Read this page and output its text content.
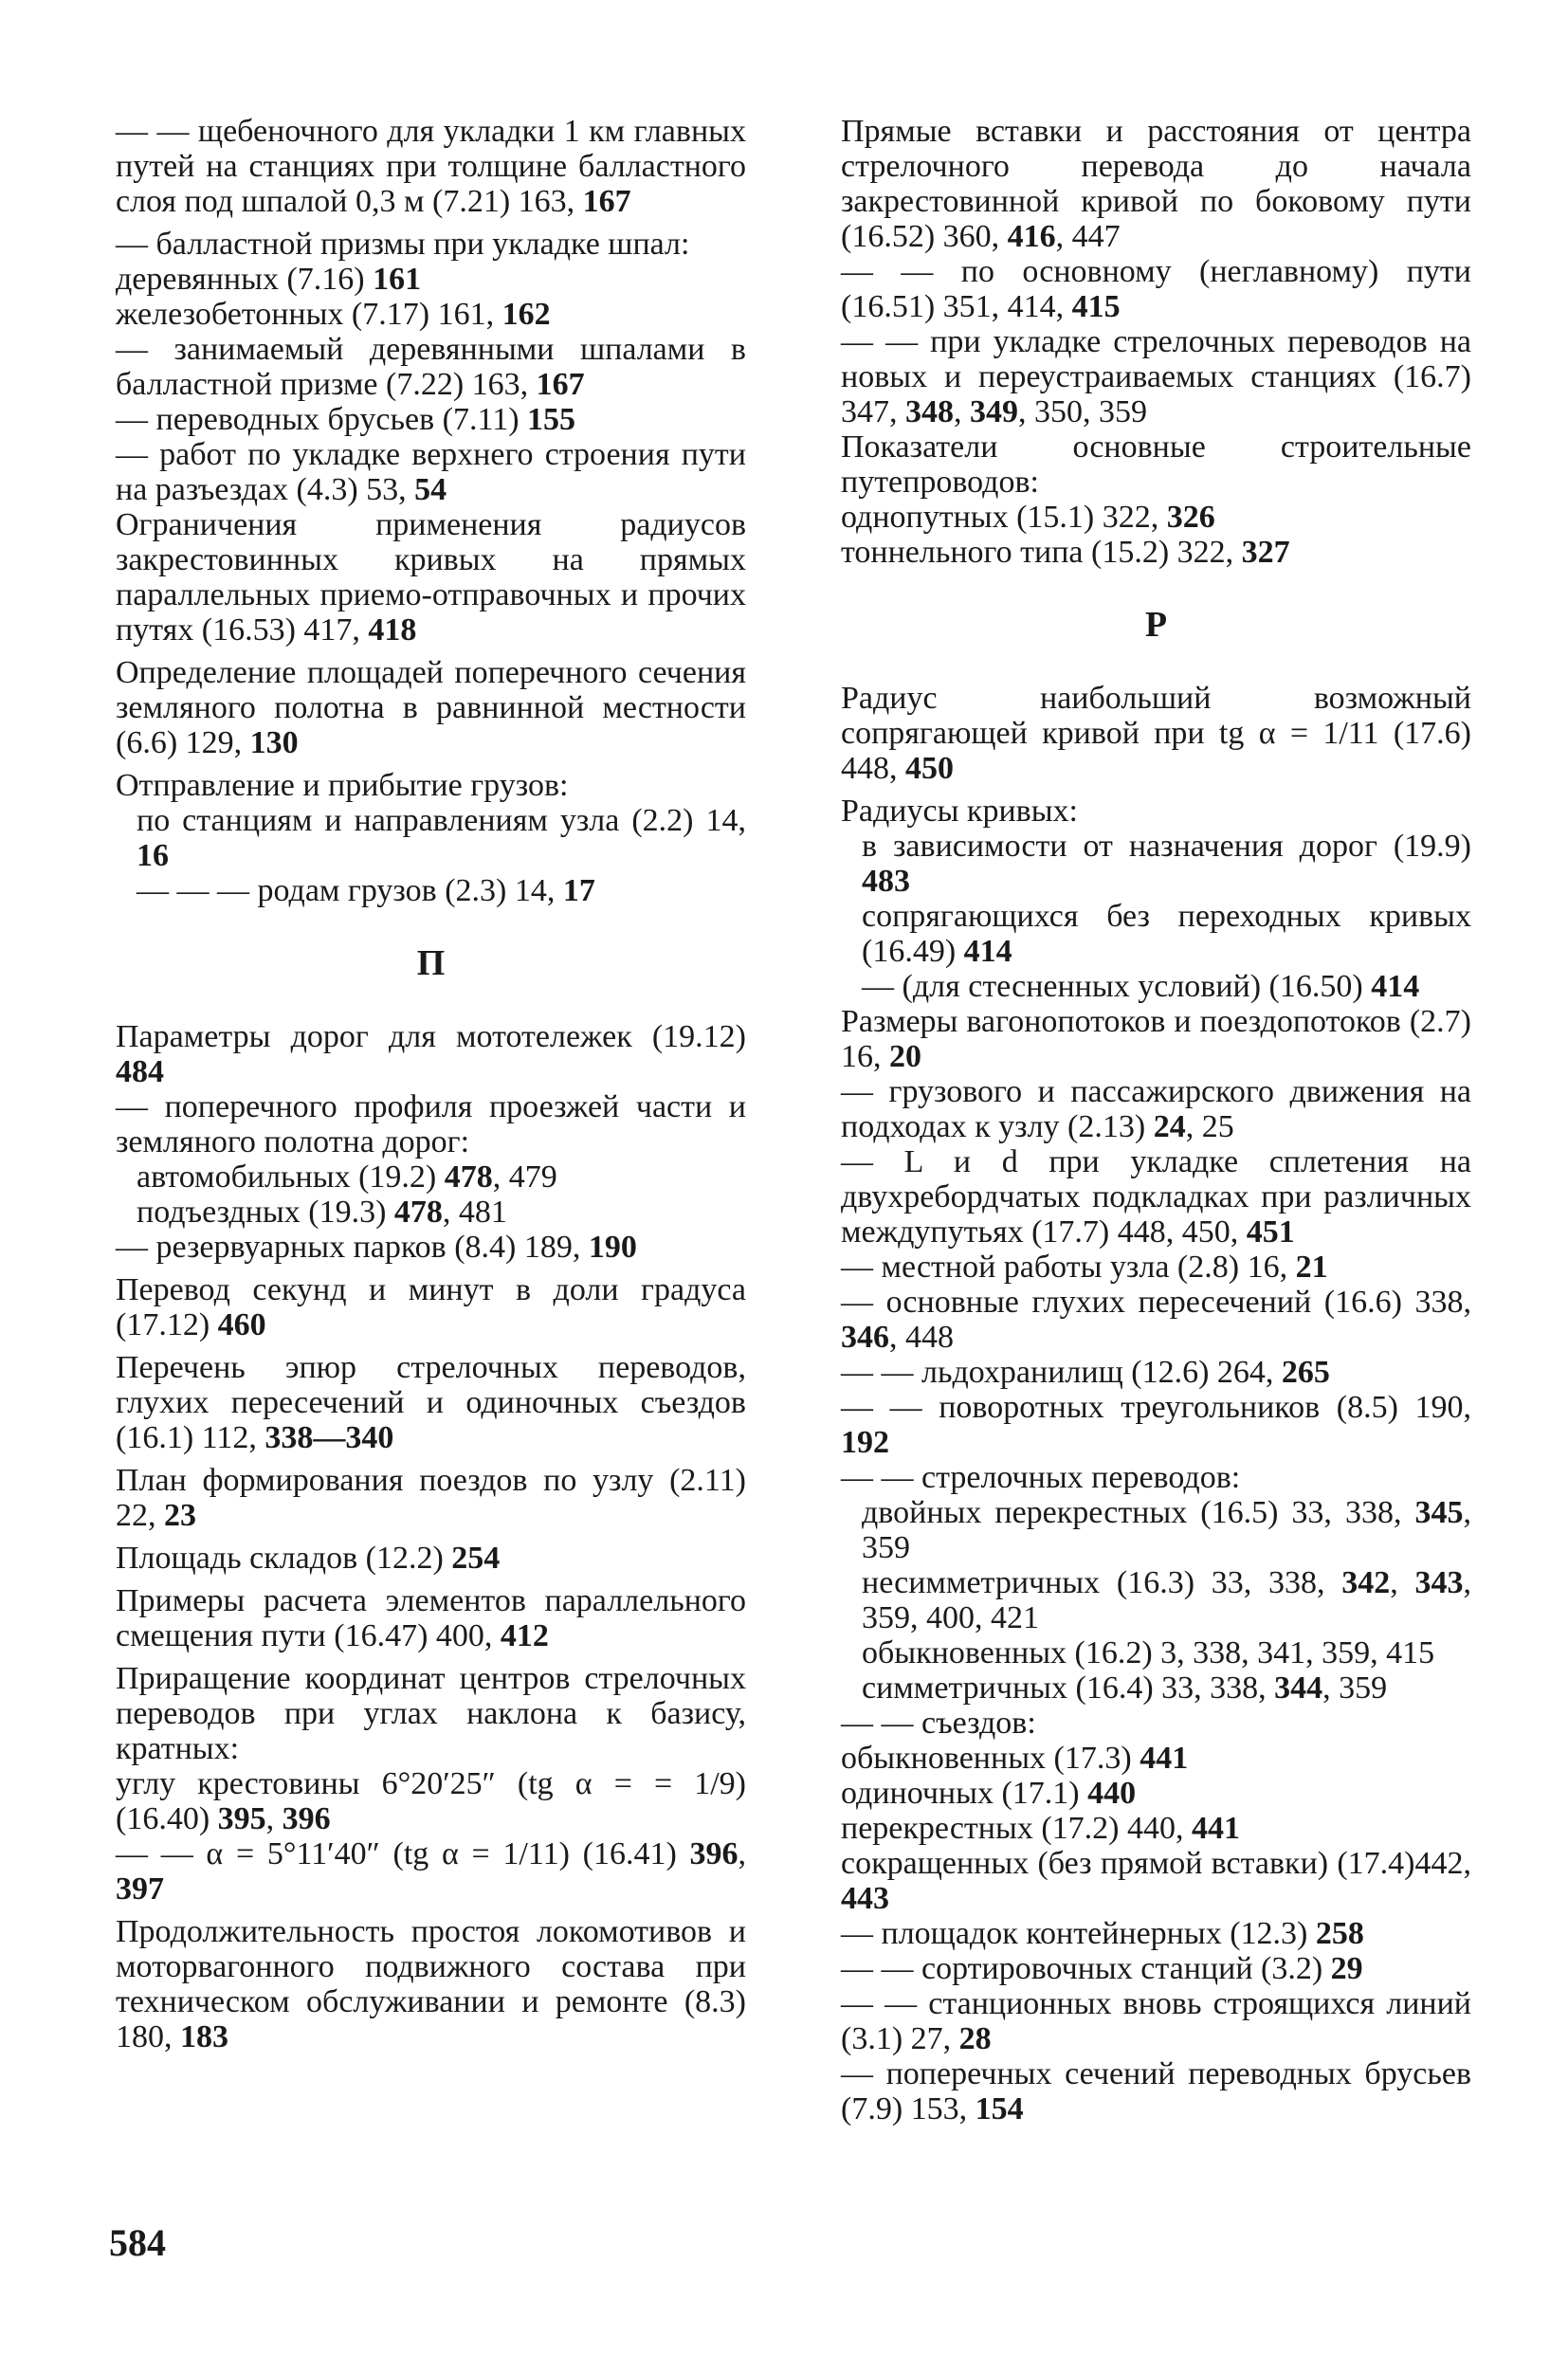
— — щебеночного для укладки 1 км главных путей на станциях при толщине балластного слоя под шпалой 0,3 м (7.21) 163, 167
— балластной призмы при укладке шпал:
деревянных (7.16) 161
железобетонных (7.17) 161, 162
— занимаемый деревянными шпалами в балластной призме (7.22) 163, 167
— переводных брусьев (7.11) 155
— работ по укладке верхнего строения пути на разъездах (4.3) 53, 54
Ограничения применения радиусов закрестовинных кривых на прямых параллельных приемо-отправочных и прочих путях (16.53) 417, 418
Определение площадей поперечного сечения земляного полотна в равнинной местности (6.6) 129, 130
Отправление и прибытие грузов:
по станциям и направлениям узла (2.2) 14, 16
— — — родам грузов (2.3) 14, 17
П
Параметры дорог для мототележек (19.12) 484
— поперечного профиля проезжей части и земляного полотна дорог:
автомобильных (19.2) 478, 479
подъездных (19.3) 478, 481
— резервуарных парков (8.4) 189, 190
Перевод секунд и минут в доли градуса (17.12) 460
Перечень эпюр стрелочных переводов, глухих пересечений и одиночных съездов (16.1) 112, 338—340
План формирования поездов по узлу (2.11) 22, 23
Площадь складов (12.2) 254
Примеры расчета элементов параллельного смещения пути (16.47) 400, 412
Приращение координат центров стрелочных переводов при углах наклона к базису, кратных:
углу крестовины 6°20′25″ (tg α = = 1/9) (16.40) 395, 396
— — α = 5°11′40″ (tg α = 1/11) (16.41) 396, 397
Продолжительность простоя локомотивов и моторвагонного подвижного состава при техническом обслуживании и ремонте (8.3) 180, 183
Прямые вставки и расстояния от центра стрелочного перевода до начала закрестовинной кривой по боковому пути (16.52) 360, 416, 447
— — по основному (неглавному) пути (16.51) 351, 414, 415
— — при укладке стрелочных переводов на новых и переустраиваемых станциях (16.7) 347, 348, 349, 350, 359
Показатели основные строительные путепроводов:
однопутных (15.1) 322, 326
тоннельного типа (15.2) 322, 327
Р
Радиус наибольший возможный сопрягающей кривой при tg α = 1/11 (17.6) 448, 450
Радиусы кривых:
в зависимости от назначения дорог (19.9) 483
сопрягающихся без переходных кривых (16.49) 414
— (для стесненных условий) (16.50) 414
Размеры вагонопотоков и поездопотоков (2.7) 16, 20
— грузового и пассажирского движения на подходах к узлу (2.13) 24, 25
— L и d при укладке сплетения на двухребордчатых подкладках при различных междупутьях (17.7) 448, 450, 451
— местной работы узла (2.8) 16, 21
— основные глухих пересечений (16.6) 338, 346, 448
— — льдохранилищ (12.6) 264, 265
— — поворотных треугольников (8.5) 190, 192
— — стрелочных переводов:
двойных перекрестных (16.5) 33, 338, 345, 359
несимметричных (16.3) 33, 338, 342, 343, 359, 400, 421
обыкновенных (16.2) 3, 338, 341, 359, 415
симметричных (16.4) 33, 338, 344, 359
— — съездов:
обыкновенных (17.3) 441
одиночных (17.1) 440
перекрестных (17.2) 440, 441
сокращенных (без прямой вставки) (17.4)442, 443
— площадок контейнерных (12.3) 258
— — сортировочных станций (3.2) 29
— — станционных вновь строящихся линий (3.1) 27, 28
— поперечных сечений переводных брусьев (7.9) 153, 154
584
